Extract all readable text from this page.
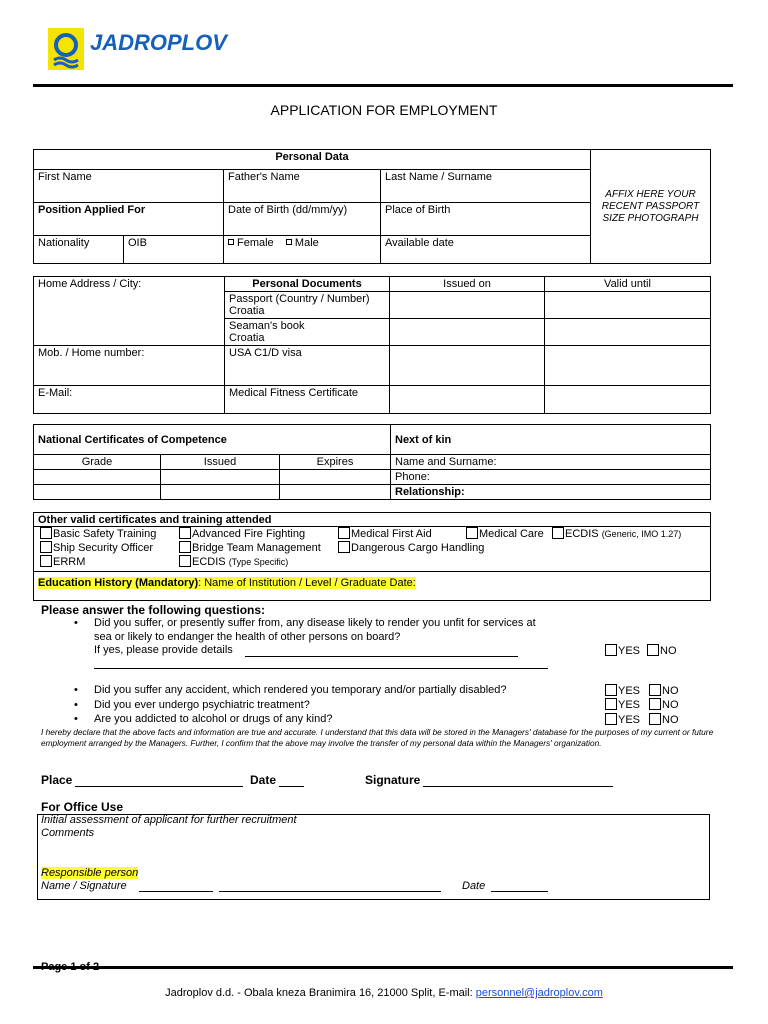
JADROPLOV
APPLICATION FOR EMPLOYMENT
Personal Data				AFFIX HERE YOUR RECENT PASSPORT SIZE PHOTOGRAPH
First Name		Father's Name	Last Name / Surname	
Position Applied For		Date of Birth (dd/mm/yy)	Place of Birth	
Nationality	OIB	Female Male	Available date	
Home Address / City:	Personal Documents	Issued on	Valid until
	Passport (Country / Number)
Croatia		
	Seaman's book
Croatia		
Mob. / Home number:	USA C1/D visa		
E-Mail:	Medical Fitness Certificate		
National Certificates of Competence			Next of kin

Grade	Issued	Expires	Name and Surname:
			Phone:
			Relationship:
Other valid certificates and training attended
Basic Safety Training	Advanced Fire Fighting	Medical First Aid	Medical Care	ECDIS (Generic, IMO 1.27)
Ship Security Officer	Bridge Team Management	Dangerous Cargo Handling
ERRM	ECDIS (Type Specific)
Education History (Mandatory): Name of Institution / Level / Graduate Date:
Please answer the following questions:
• Did you suffer, or presently suffer from, any disease likely to render you unfit for services at
sea or likely to endanger the health of other persons on board?
If yes, please provide details	YES	NO
• Did you suffer any accident, which rendered you temporary and/or partially disabled?
• Did you ever undergo psychiatric treatment?
• Are you addicted to alcohol or drugs of any kind?
YES	NO
YES	NO
YES	NO
I hereby declare that the above facts and information are true and accurate. I understand that this data will be stored in the Managers' database for the purposes of my current or future employment arranged by the Managers. Further, I confirm that the above may involve the transfer of my personal data within the Managers' organization.
Place	Date	Signature
For Office Use
Initial assessment of applicant for further recruitment
Comments
Responsible person
Name / Signature	Date
Jadroplov d.d. - Obala kneza Branimira 16, 21000 Split, E-mail: personnel@jadroplov.com
